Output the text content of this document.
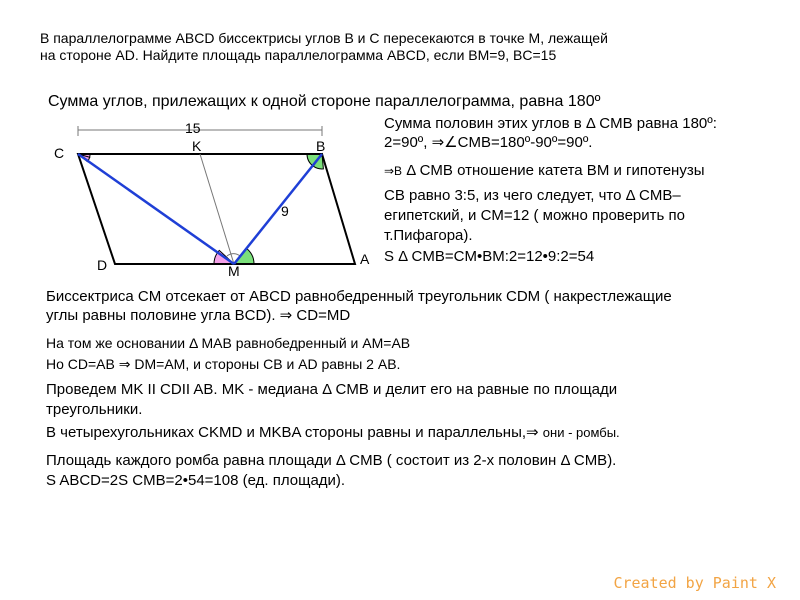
В параллелограмме ABCD биссектрисы углов B и C пересекаются в точке M, лежащей
на стороне AD. Найдите площадь параллелограмма ABCD, если BM=9, BC=15
Сумма углов, прилежащих к одной стороне параллелограмма, равна 180º
15
K
C	B
D	A
M
9
Сумма половин этих углов в Δ CMB равна 180º:
2=90º, ⇒∠CMB=180º-90º=90º.
⇒В Δ CMB отношение катета BM и гипотенузы
CB равно 3:5, из чего следует, что Δ CMB–
египетский, и CM=12 ( можно проверить по
т.Пифагора).
S Δ CMB=CM•BM:2=12•9:2=54
Биссектриса CM отсекает от ABCD равнобедренный треугольник CDM ( накрестлежащие
углы равны половине угла BCD). ⇒ CD=MD
На том же основании Δ MAB равнобедренный и AM=AB
Но CD=AB ⇒ DM=AM, и стороны CB и AD равны 2 AB.
Проведем MK II CDII AB. MK - медиана Δ CMB и делит его на равные по площади
треугольники.
В четырехугольниках CKMD и MKBA стороны равны и параллельны,⇒ они - ромбы.
Площадь каждого ромба равна площади Δ CMB ( состоит из 2-х половин Δ CMB).
S ABCD=2S CMB=2•54=108 (ед. площади).
Created by Paint X
